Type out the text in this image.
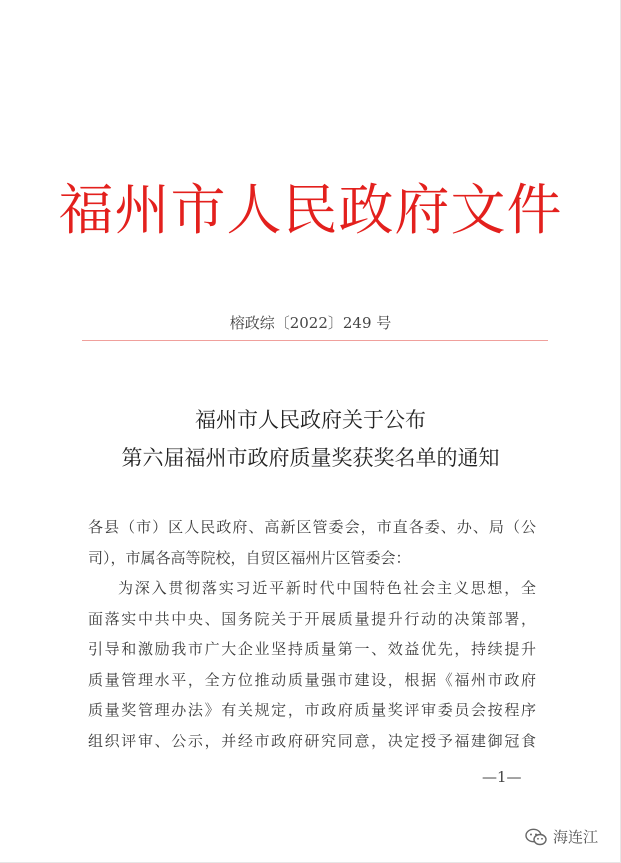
福州市人民政府文件
榕政综〔2022〕249 号
福州市人民政府关于公布
第六届福州市政府质量奖获奖名单的通知
各县（市）区人民政府、高新区管委会，市直各委、办、局（公
司），市属各高等院校，自贸区福州片区管委会：
为深入贯彻落实习近平新时代中国特色社会主义思想，全
面落实中共中央、国务院关于开展质量提升行动的决策部署，
引导和激励我市广大企业坚持质量第一、效益优先，持续提升
质量管理水平，全方位推动质量强市建设，根据《福州市政府
质量奖管理办法》有关规定，市政府质量奖评审委员会按程序
组织评审、公示，并经市政府研究同意，决定授予福建御冠食
—1—
海连江
